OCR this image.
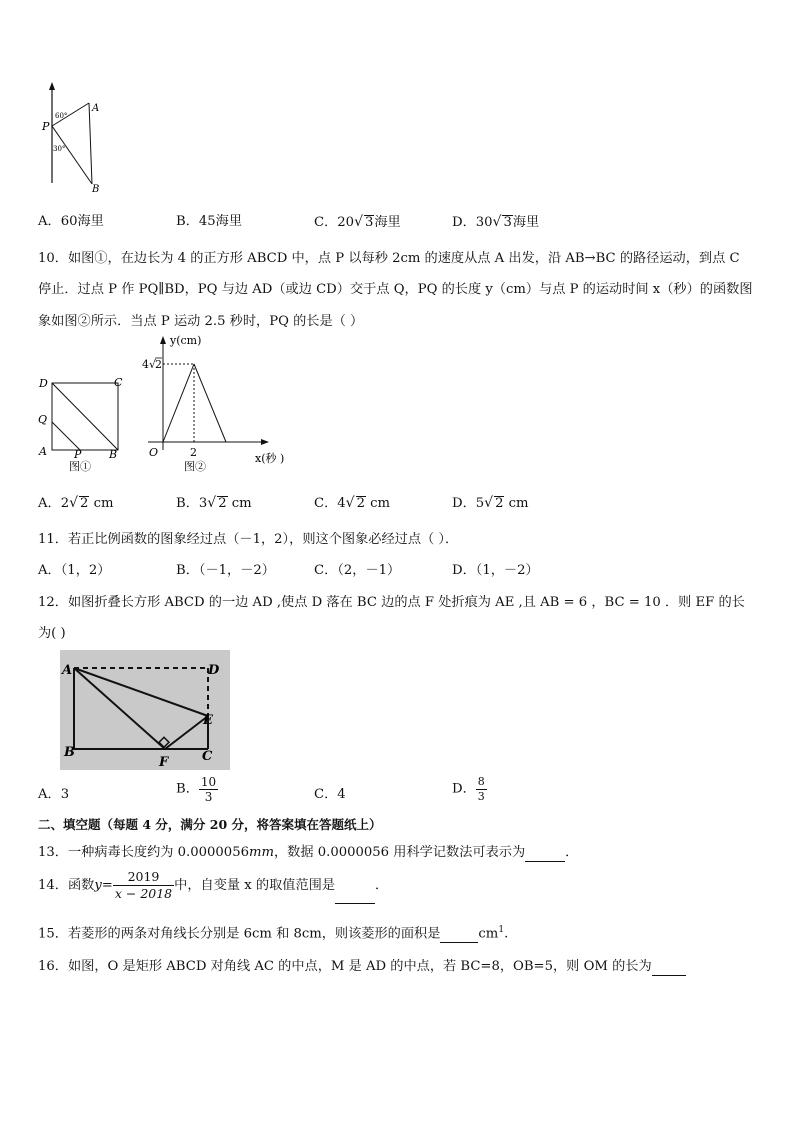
A
P
B
60°
30°
A．60海里	B．45海里	C．20√ 3海里	D．30√ 3海里
10．如图①，在边长为 4 的正方形 ABCD 中，点 P 以每秒 2cm 的速度从点 A 出发，沿 AB→BC 的路径运动，到点 C
停止．过点 P 作 PQ∥BD，PQ 与边 AD（或边 CD）交于点 Q，PQ 的长度 y（cm）与点 P 的运动时间 x（秒）的函数图
象如图②所示．当点 P 运动 2.5 秒时，PQ 的长是（ ）
D	C
Q
A P	B
图①
y(cm)
4 √
2
O	2	x(秒 )
图②
A．2√ 2 cm	B．3√ 2 cm	C．4√ 2 cm	D．5√ 2 cm
11．若正比例函数的图象经过点（－1，2），则这个图象必经过点（ ）．
A．（1，2）	B．（－1，－2）	C．（2，－1）	D．（1，－2）
12．如图折叠长方形 ABCD 的一边 AD ,使点 D 落在 BC 边的点 F 处折痕为 AE ,且 AB = 6 ，BC = 10 ．则 EF 的长
为( )
A	D
E
B
F	C
A．3	B． $\frac{10}{3}$	C．4	D． $\frac{8}{3}$
二、填空题（每题 4 分，满分 20 分，将答案填在答题纸上）
13．一种病毒长度约为 0.0000056mm，数据 0.0000056 用科学记数法可表示为	．
14．函数$y= \frac{2019}{x - 2018}$ 中，自变量 x 的取值范围是	．
15．若菱形的两条对角线长分别是 6cm 和 8cm，则该菱形的面积是	$cm^1$.
16．如图，O 是矩形 ABCD 对角线 AC 的中点，M 是 AD 的中点，若 BC=8，OB=5，则 OM 的长为
